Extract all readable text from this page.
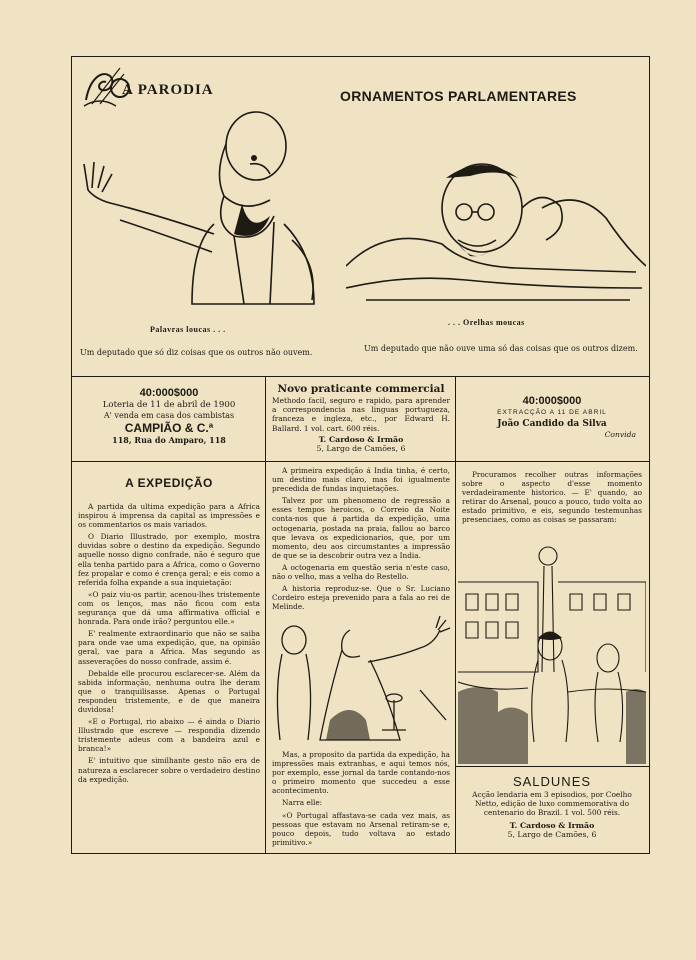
A PARODIA	ORNAMENTOS PARLAMENTARES
Palavras loucas . . .
Um deputado que só diz coisas que os outros não ouvem.
. . . Orelhas moucas
Um deputado que não ouve uma só das coisas que os outros dizem.
40:000$000
Loteria de 11 de abril de 1900
A' venda em casa dos cambistas
CAMPIÃO & C.ª
118, Rua do Amparo, 118
Novo praticante commercial
Methodo facil, seguro e rapido, para aprender a correspondencia nas linguas portugueza, franceza e ingleza, etc., por Edward H. Ballard. 1 vol. cart. 600 réis.
T. Cardoso & Irmão
5, Largo de Camões, 6
40:000$000
EXTRACÇÃO A 11 DE ABRIL
João Candido da Silva
Convida
A EXPEDIÇÃO

A partida da ultima expedição para a Africa inspirou á imprensa da capital as impressões e os commentarios os mais variados.

O Diario Illustrado, por exemplo, mostra duvidas sobre o destino da expedição. Segundo aquelle nosso digno confrade, não é seguro que ella tenha partido para a Africa, como o Governo fez propalar e como é crença geral; e eis como a referida folha expande a sua inquietação:

«O paiz viu-os partir, acenou-lhes tristemente com os lenços, mas não ficou com esta segurança que dá uma affirmativa official e honrada. Para onde irão? perguntou elle.»

E' realmente extraordinario que não se saiba para onde vae uma expedição, que, na opinião geral, vae para a Africa. Mas segundo as asseverações do nosso confrade, assim é.

Debalde elle procurou esclarecer-se. Além da sabida informação, nenhuma outra lhe deram que o tranquilisasse. Apenas o Portugal respondeu tristemente, e de que maneira duvidosa!

«E o Portugal, rio abaixo — é ainda o Diario Illustrado que escreve — respondia dizendo tristemente adeus com a bandeira azul e branca!»

E' intuitivo que similhante gesto não era de natureza a esclarecer sobre o verdadeiro destino da expedição.

A primeira expedição á India tinha, é certo, um destino mais claro, mas foi igualmente precedida de fundas inquietações.

Talvez por um phenomeno de regressão a esses tempos heroicos, o Correio da Noite conta-nos que á partida da expedição, uma octogenaria, postada na praia, fallou ao barco que levava os expedicionarios, que, por um momento, deu aos circumstantes a impressão de que se ia descobrir outra vez a India.

A octogenaria em questão seria n'este caso, não o velho, mas a velha do Restello.

A historia reproduz-se. Que o Sr. Luciano Cordeiro esteja prevenido para a fala ao rei de Melinde.

Mas, a proposito da partida da expedição, ha impressões mais extranhas, e aqui temos nós, por exemplo, esse jornal da tarde contando-nos o primeiro momento que succedeu a esse acontecimento.

Narra elle:

«O Portugal affastava-se cada vez mais, as pessoas que estavam no Arsenal retiram-se e, pouco depois, tudo voltava ao estado primitivo.»

Procuramos recolher outras informações sobre o aspecto d'esse momento verdadeiramente historico. — E' quando, ao retirar do Arsenal, pouco a pouco, tudo volta ao estado primitivo, e eis, segundo testemunhas presenciaes, como as coisas se passaram:

SALDUNES
Acção lendaria em 3 episodios, por Coelho Netto, edição de luxo commemorativa do centenario do Brazil. 1 vol. 500 réis.
T. Cardoso & Irmão
5, Largo de Camões, 6
